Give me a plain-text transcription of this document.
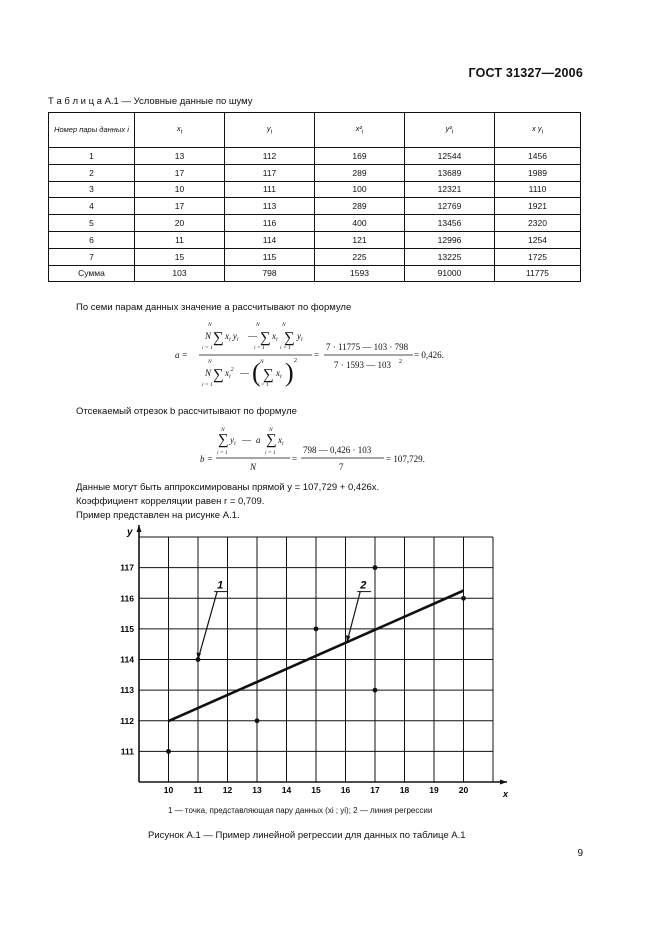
ГОСТ 31327—2006
Т а б л и ц а А.1 — Условные данные по шуму
Номер пары данных i	$x_i$	$y_i$	$x^2_i$	$y^2_i$	x $y_i$
1	13	112	169	12544	1456
2	17	117	289	13689	1989
3	10	111	100	12321	1110
4	17	113	289	12769	1921
5	20	116	400	13456	2320
6	11	114	121	12996	1254
7	15	115	225	13225	1725
Сумма	103	798	1593	91000	11775
По семи парам данных значение a рассчитывают по формуле
a =
N ∑
N
i = 1
$x_i$ $y_i$ — ∑
N
i = 1
$x_i$ ∑
N
i = 1
$y_i$
N ∑
N
i = 1
$x_i^2$ — ( ∑
N
i = 1
$x_i$ ) 2
=
7 · 11775 — 103 · 798
7 · 1593 — 103 2
= 0,426.
Отсекаемый отрезок b рассчитывают по формуле
b =
∑
N
i = 1
$y_i$ — a ∑
N
i = 1
$x_i$
N
=
798 — 0,426 · 103
7
= 107,729.
Данные могут быть аппроксимированы прямой y = 107,729 + 0,426x.
Коэффициент корреляции равен r = 0,709.
Пример представлен на рисунке А.1.
x
y
10 11 12 13 14 15 16 17 18 19 20
111
112
113
114
115
116
117
1	2
1 — точка, представляющая пару данных (xi ; yi); 2 — линия регрессии
Рисунок А.1 — Пример линейной регрессии для данных по таблице А.1
9
